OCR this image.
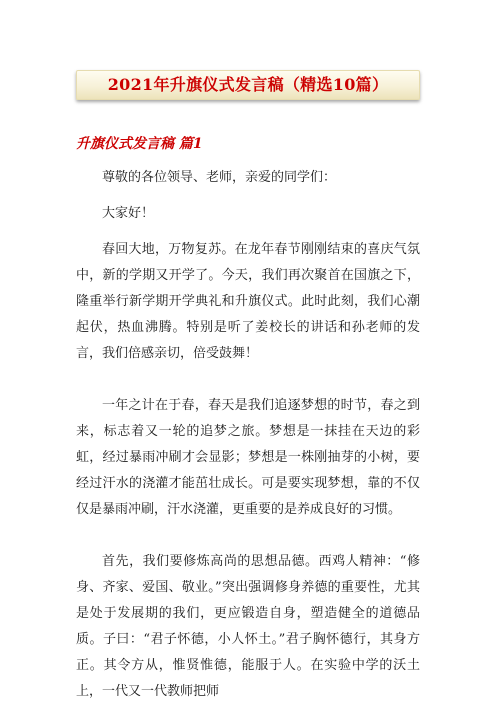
2021年升旗仪式发言稿（精选10篇）
升旗仪式发言稿 篇1

尊敬的各位领导、老师，亲爱的同学们：

大家好！

春回大地，万物复苏。在龙年春节刚刚结束的喜庆气氛中，新的学期又开学了。今天，我们再次聚首在国旗之下，隆重举行新学期开学典礼和升旗仪式。此时此刻，我们心潮起伏，热血沸腾。特别是听了姜校长的讲话和孙老师的发言，我们倍感亲切，倍受鼓舞！

一年之计在于春，春天是我们追逐梦想的时节，春之到来，标志着又一轮的追梦之旅。梦想是一抹挂在天边的彩虹，经过暴雨冲刷才会显影；梦想是一株刚抽芽的小树，要经过汗水的浇灌才能茁壮成长。可是要实现梦想，靠的不仅仅是暴雨冲刷，汗水浇灌，更重要的是养成良好的习惯。

首先，我们要修炼高尚的思想品德。西鸡人精神：“修身、齐家、爱国、敬业。”突出强调修身养德的重要性，尤其是处于发展期的我们，更应锻造自身，塑造健全的道德品质。子曰：“君子怀德，小人怀土。”君子胸怀德行，其身方正。其令方从，惟贤惟德，能服于人。在实验中学的沃土上，一代又一代教师把师
